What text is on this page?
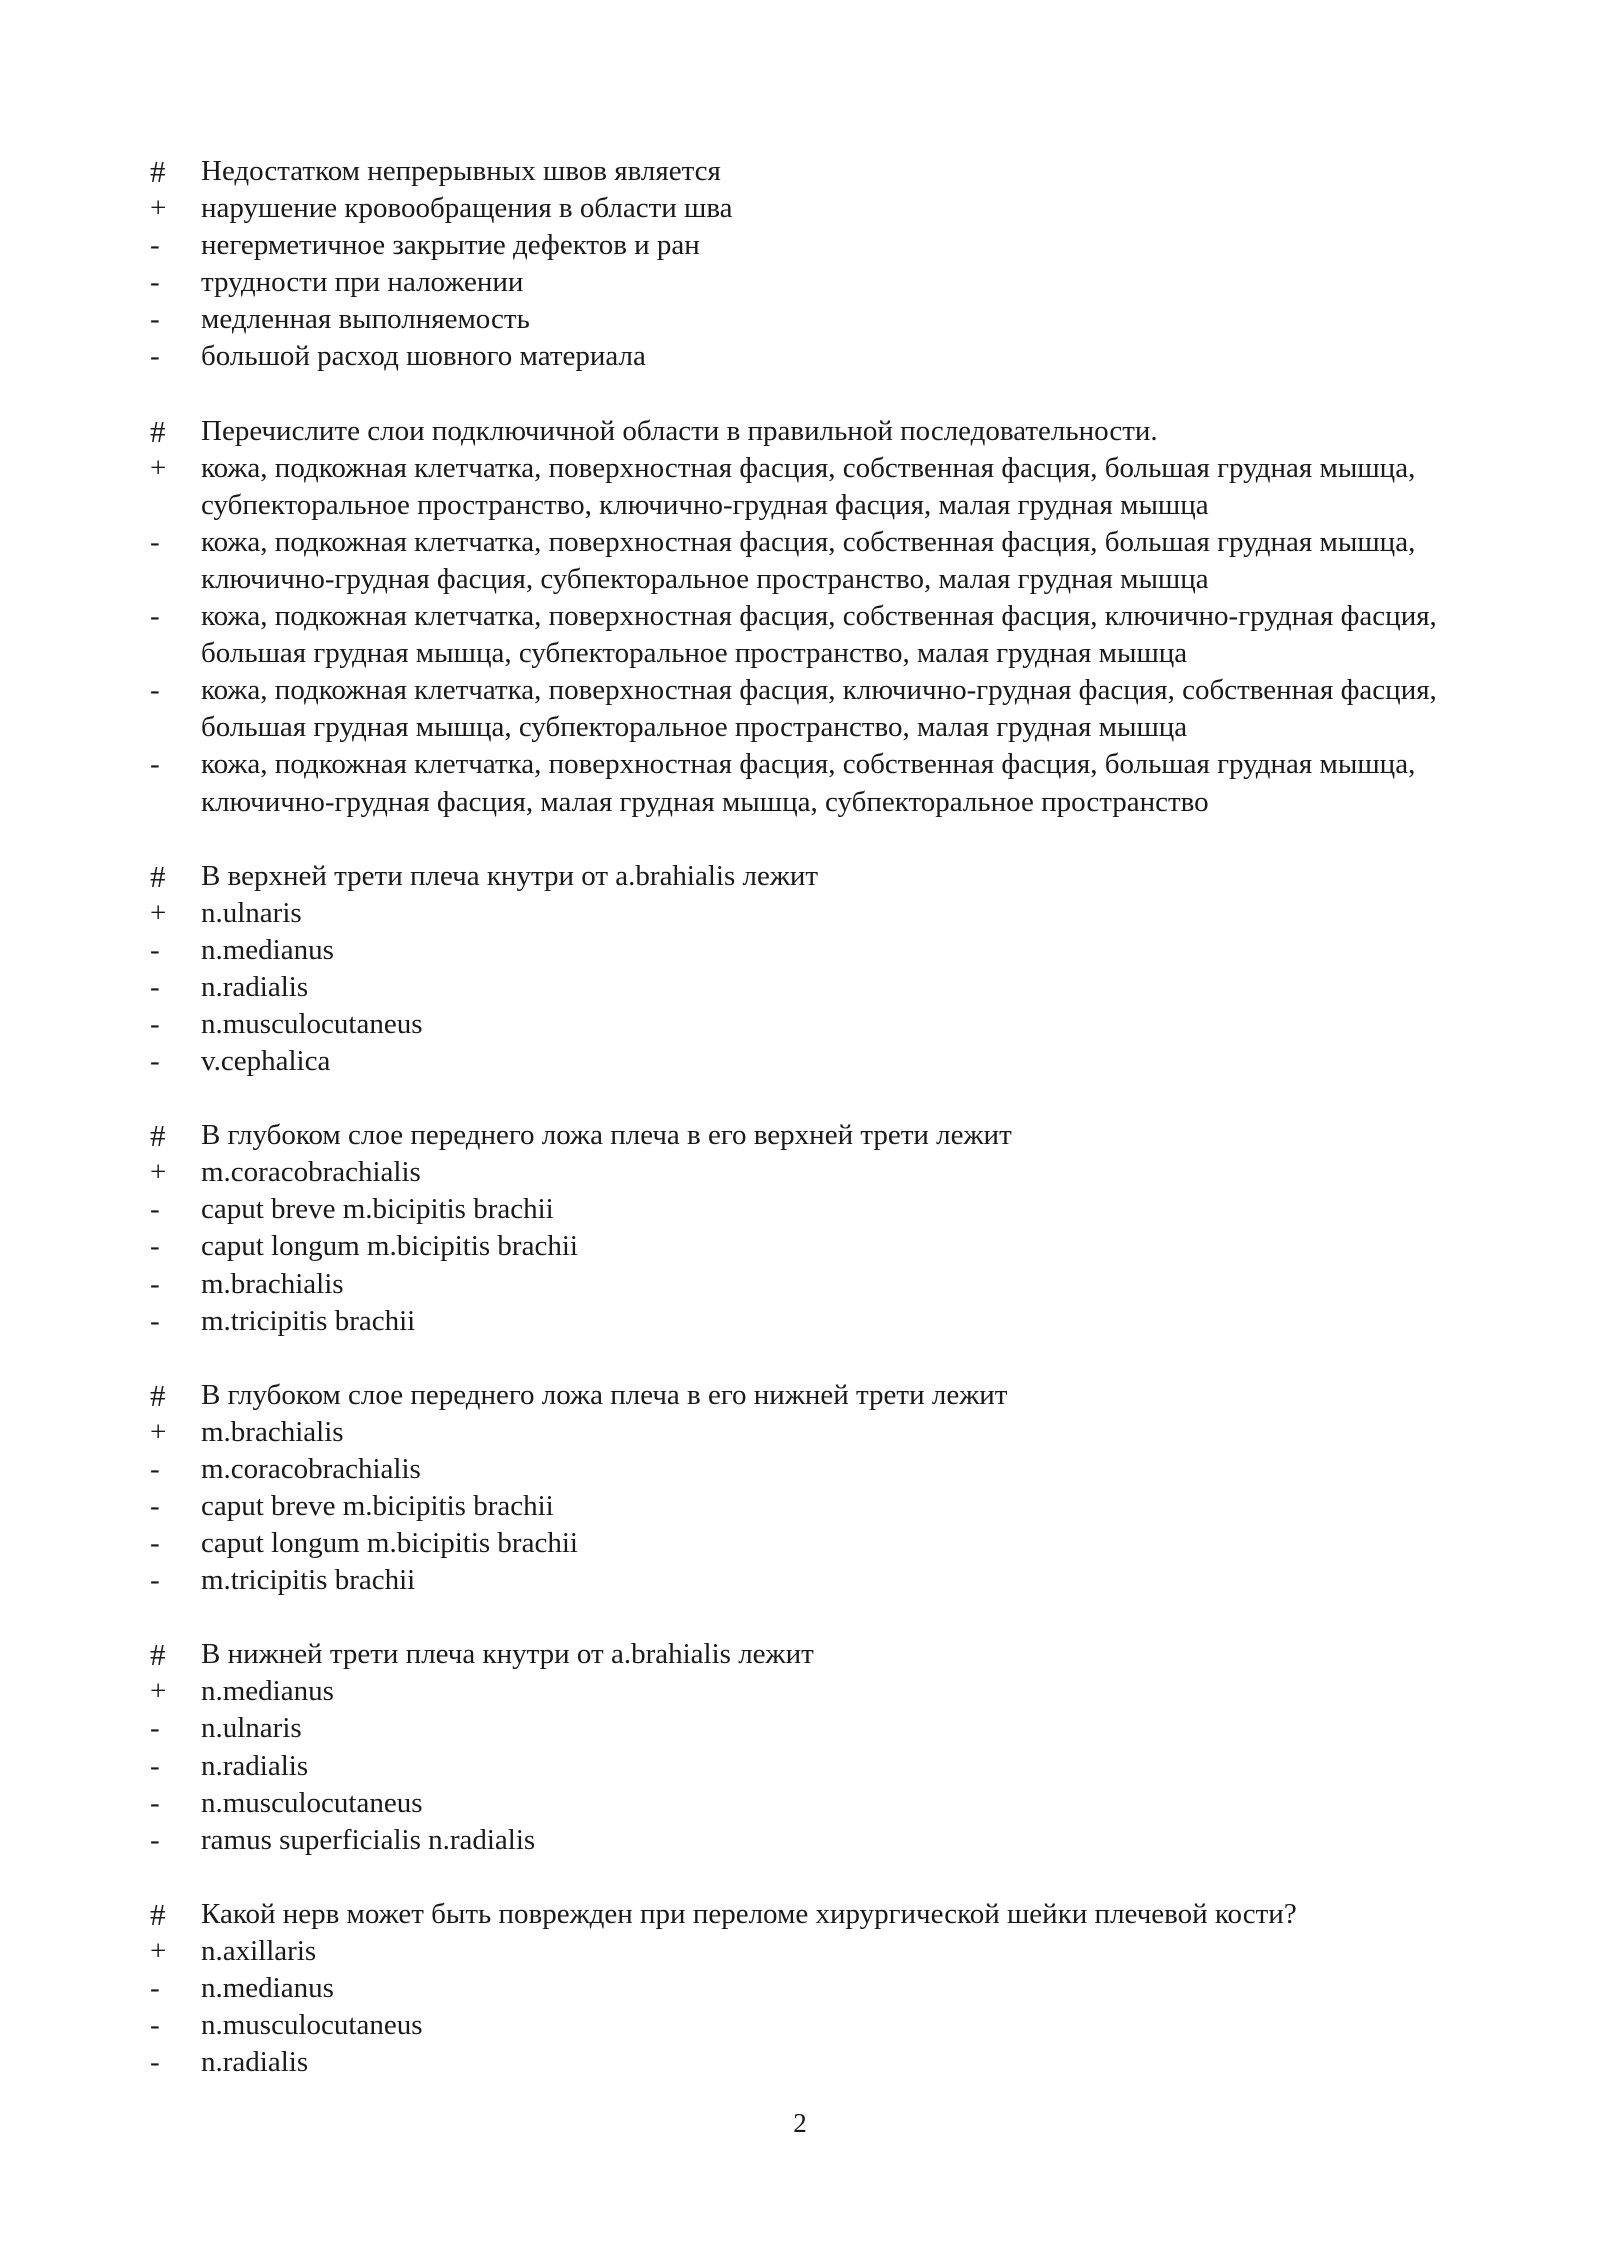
#	Недостатком непрерывных швов является
+	нарушение кровообращения в области шва
-	негерметичное закрытие дефектов и ран
-	трудности при наложении
-	медленная выполняемость
-	большой расход шовного материала
#	Перечислите слои подключичной области в правильной последовательности.
+	кожа, подкожная клетчатка, поверхностная фасция, собственная фасция, большая грудная мышца, субпекторальное пространство, ключично-грудная фасция, малая грудная мышца
-	кожа, подкожная клетчатка, поверхностная фасция, собственная фасция, большая грудная мышца, ключично-грудная фасция, субпекторальное пространство, малая грудная мышца
-	кожа, подкожная клетчатка, поверхностная фасция, собственная фасция, ключично-грудная фасция, большая грудная мышца, субпекторальное пространство, малая грудная мышца
-	кожа, подкожная клетчатка, поверхностная фасция, ключично-грудная фасция, собственная фасция, большая грудная мышца, субпекторальное пространство, малая грудная мышца
-	кожа, подкожная клетчатка, поверхностная фасция, собственная фасция, большая грудная мышца, ключично-грудная фасция, малая грудная мышца, субпекторальное пространство
#	В верхней трети плеча кнутри от a.brahialis лежит
+	n.ulnaris
-	n.medianus
-	n.radialis
-	n.musculocutaneus
-	v.cephalica
#	В глубоком слое переднего ложа плеча в его верхней трети лежит
+	m.coracobrachialis
-	caput breve m.bicipitis brachii
-	caput longum m.bicipitis brachii
-	m.brachialis
-	m.tricipitis brachii
#	В глубоком слое переднего ложа плеча в его нижней трети лежит
+	m.brachialis
-	m.coracobrachialis
-	caput breve m.bicipitis brachii
-	caput longum m.bicipitis brachii
-	m.tricipitis brachii
#	В нижней трети плеча кнутри от a.brahialis лежит
+	n.medianus
-	n.ulnaris
-	n.radialis
-	n.musculocutaneus
-	ramus superficialis n.radialis
#	Какой нерв может быть поврежден при переломе хирургической шейки плечевой кости?
+	n.axillaris
-	n.medianus
-	n.musculocutaneus
-	n.radialis
2
